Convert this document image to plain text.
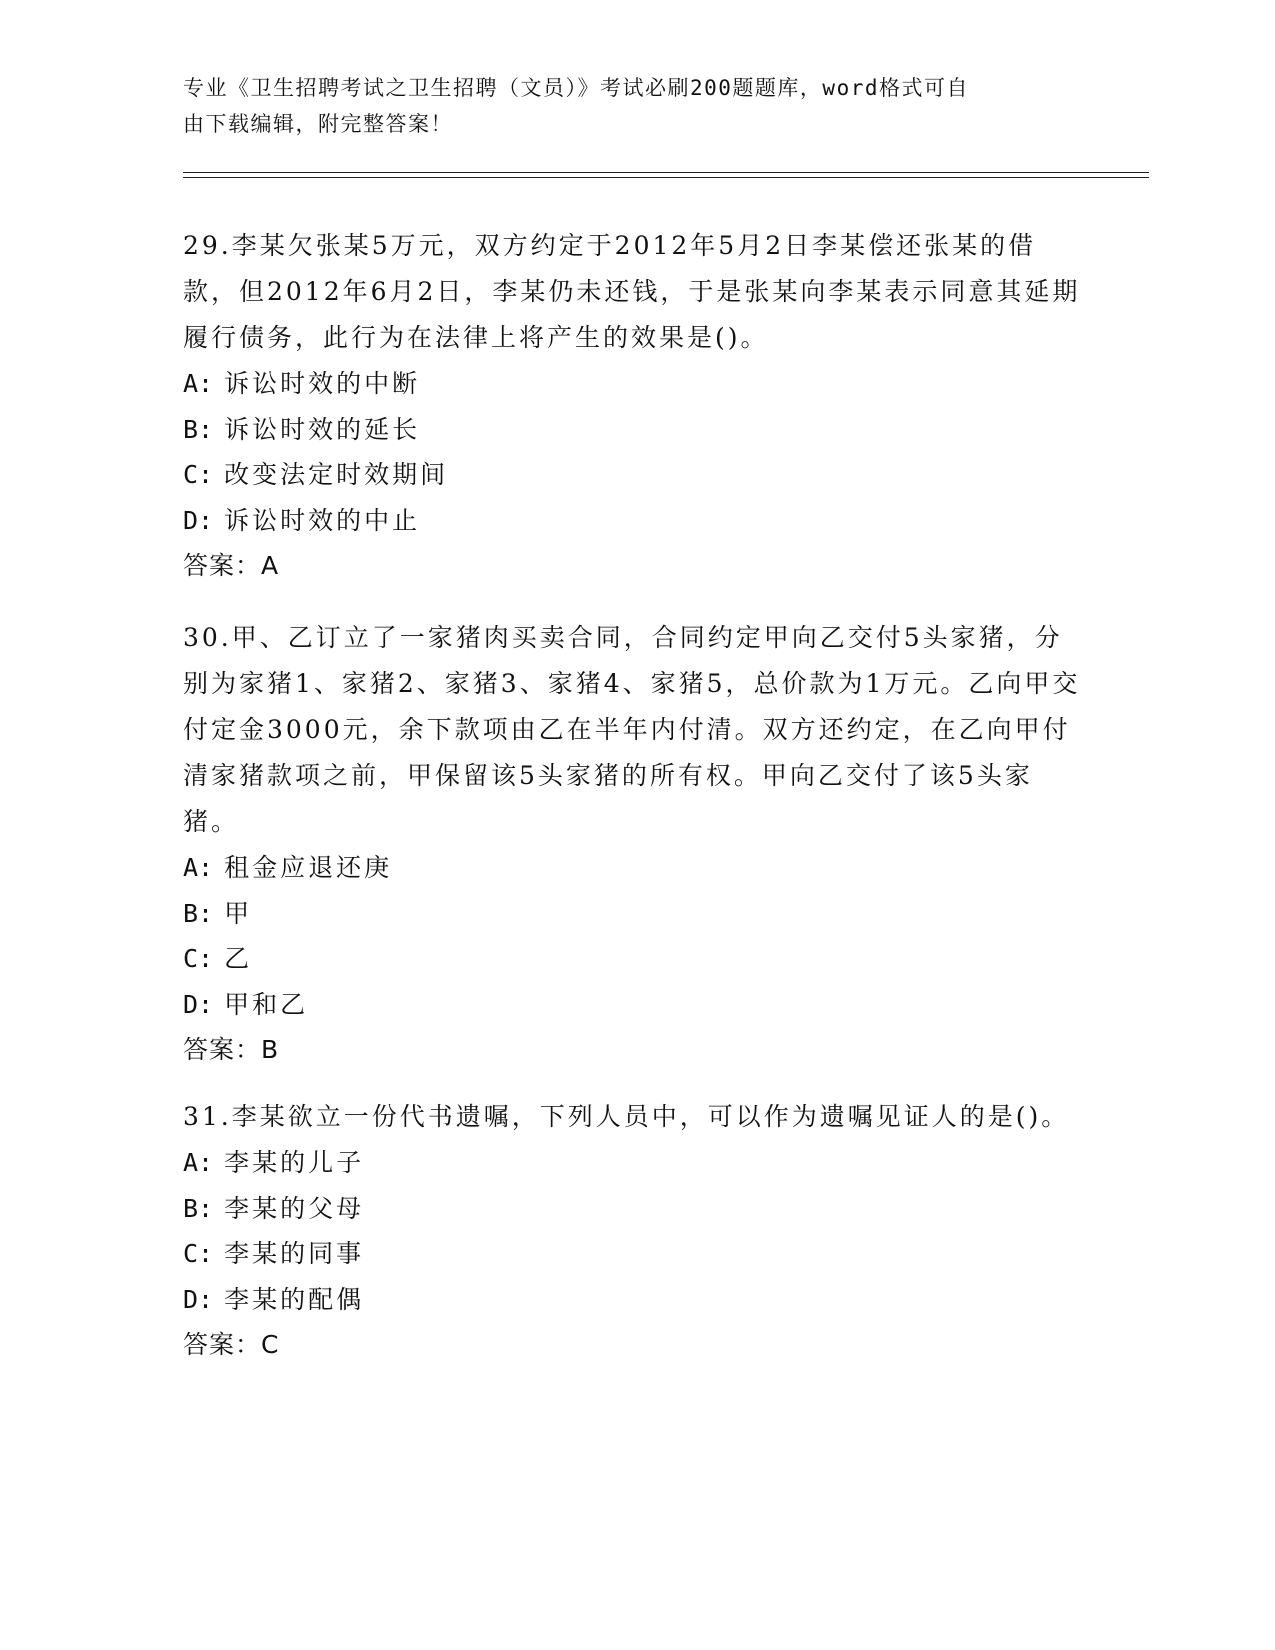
专业《卫生招聘考试之卫生招聘（文员）》考试必刷200题题库，word格式可自
由下载编辑，附完整答案！
29.李某欠张某5万元，双方约定于2012年5月2日李某偿还张某的借款，但2012年6月2日，李某仍未还钱，于是张某向李某表示同意其延期履行债务，此行为在法律上将产生的效果是()。
A: 诉讼时效的中断
B: 诉讼时效的延长
C: 改变法定时效期间
D: 诉讼时效的中止
答案：A
30.甲、乙订立了一家猪肉买卖合同，合同约定甲向乙交付5头家猪，分别为家猪1、家猪2、家猪3、家猪4、家猪5，总价款为1万元。乙向甲交付定金3000元，余下款项由乙在半年内付清。双方还约定，在乙向甲付清家猪款项之前，甲保留该5头家猪的所有权。甲向乙交付了该5头家猪。
A: 租金应退还庚
B: 甲
C: 乙
D: 甲和乙
答案：B
31.李某欲立一份代书遗嘱，下列人员中，可以作为遗嘱见证人的是()。
A: 李某的儿子
B: 李某的父母
C: 李某的同事
D: 李某的配偶
答案：C
